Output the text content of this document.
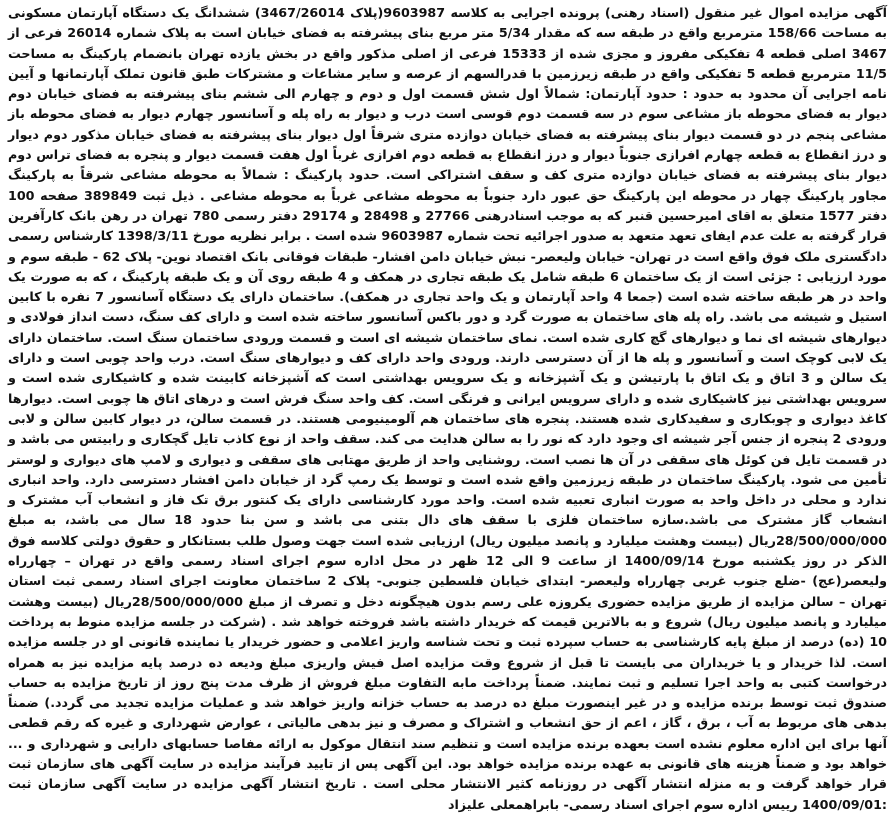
آگهی مزایده اموال غیر منقول (اسناد رهنی) پرونده اجرایی به کلاسه 9603987(پلاک 3467/26014) ششدانگ یک دستگاه آپارتمان مسکونی به مساحت 158/66 مترمربع واقع در طبقه سه که مقدار 5/34 متر مربع بنای پیشرفته به فضای خیابان است به پلاک شماره 26014 فرعی از 3467 اصلی قطعه 4 تفکیکی مفروز و مجزی شده از 15333 فرعی از اصلی مذکور واقع در بخش یازده تهران بانضمام پارکینگ به مساحت 11/5 مترمربع قطعه 5 تفکیکی واقع در طبقه زیرزمین با قدرالسهم از عرصه و سایر مشاعات و مشترکات طبق قانون تملک آپارتمانها و آیین نامه اجرایی آن محدود به حدود : حدود آپارتمان: شمالاً اول شش قسمت اول و دوم و چهارم الی ششم بنای پیشرفته به فضای خیابان دوم دیوار به فضای محوطه باز مشاعی سوم در سه قسمت دوم قوسی است درب و دیوار به راه پله و آسانسور چهارم دیوار به فضای محوطه باز مشاعی پنجم در دو قسمت دیوار بنای پیشرفته به فضای خیابان دوازده متری شرقاً اول دیوار بنای پیشرفته به فضای خیابان مذکور دوم دیوار و درز انقطاع به قطعه چهارم افرازی جنوباً دیوار و درز انقطاع به قطعه دوم افرازی غرباً اول هفت قسمت دیوار و پنجره به فضای تراس دوم دیوار بنای پیشرفته به فضای خیابان دوازده متری کف و سقف اشتراکی است. حدود پارکینگ : شمالاً به محوطه مشاعی شرقاً به پارکینگ مجاور پارکینگ چهار در محوطه این پارکینگ حق عبور دارد جنوباً به محوطه مشاعی غرباً به محوطه مشاعی . ذیل ثبت 389849 صفحه 100 دفتر 1577 متعلق به اقای امیرحسین قنبر که به موجب اسنادرهنی 27766 و 28498 و 29174 دفتر رسمی 780 تهران در رهن بانک کارآفرین قرار گرفته به علت عدم ایفای تعهد متعهد به صدور اجرائیه تحت شماره 9603987 شده است . برابر نظریه مورخ 1398/3/11 کارشناس رسمی دادگستری ملک فوق واقع است در تهران- خیابان ولیعصر- نبش خیابان دامن افشار- طبقات فوقانی بانک اقتصاد نوین- پلاک 62 - طبقه سوم و مورد ارزیابی : جزئی است از یک ساختمان 6 طبقه شامل یک طبقه تجاری در همکف و 4 طبقه روی آن و یک طبقه پارکینگ ، که به صورت یک واحد در هر طبقه ساخته شده است (جمعا 4 واحد آپارتمان و یک واحد تجاری در همکف). ساختمان دارای یک دستگاه آسانسور 7 نفره با کابین استیل و شیشه می باشد. راه پله های ساختمان به صورت گرد و دور باکس آسانسور ساخته شده است و دارای کف سنگ، دست انداز فولادی و دیوارهای شیشه ای نما و دیوارهای گچ کاری شده است. نمای ساختمان شیشه ای است و قسمت ورودی ساختمان سنگ است. ساختمان دارای یک لابی کوچک است و آسانسور و پله ها از آن دسترسی دارند. ورودی واحد دارای کف و دیوارهای سنگ است. درب واحد چوبی است و دارای یک سالن و 3 اتاق و یک اتاق با پارتیشن و یک آشپزخانه و یک سرویس بهداشتی است که آشپزخانه کابینت شده و کاشیکاری شده است و سرویس بهداشتی نیز کاشیکاری شده و دارای سرویس ایرانی و فرنگی است. کف واحد سنگ فرش است و درهای اتاق ها چوبی است. دیوارها کاغذ دیواری و چوبکاری و سفیدکاری شده هستند. پنجره های ساختمان هم آلومینیومی هستند. در قسمت سالن، در دیوار کابین سالن و لابی ورودی 2 پنجره از جنس آجر شیشه ای وجود دارد که نور را به سالن هدایت می کند. سقف واحد از نوع کاذب تایل گچکاری و رابیتس می باشد و در قسمت تایل فن کوئل های سقفی در آن ها نصب است. روشنایی واحد از طریق مهتابی های سقفی و دیواری و لامپ های دیواری و لوستر تأمین می شود. پارکینگ ساختمان در طبقه زیرزمین واقع شده است و توسط یک رمپ گرد از خیابان دامن افشار دسترسی دارد. واحد انباری ندارد و محلی در داخل واحد به صورت انباری تعبیه شده است. واحد مورد کارشناسی دارای یک کنتور برق تک فاز و انشعاب آب مشترک و انشعاب گاز مشترک می باشد.سازه ساختمان فلزی با سقف های دال بتنی می باشد و سن بنا حدود 18 سال می باشد، به مبلغ 28/500/000/000ریال (بیست وهشت میلیارد و پانصد میلیون ریال) ارزیابی شده است جهت وصول طلب بستانکار و حقوق دولتی کلاسه فوق الذکر در روز یکشنبه مورخ 1400/09/14 از ساعت 9 الی 12 ظهر در محل اداره سوم اجرای اسناد رسمی واقع در تهران – چهارراه ولیعصر(عج) -ضلع جنوب غربی چهارراه ولیعصر- ابتدای خیابان فلسطین جنوبی- پلاک 2 ساختمان معاونت اجرای اسناد رسمی ثبت استان تهران – سالن مزایده از طریق مزایده حضوری یکروزه علی رسم بدون هیچگونه دخل و تصرف از مبلغ 28/500/000/000ریال (بیست وهشت میلیارد و پانصد میلیون ریال) شروع و به بالاترین قیمت که خریدار داشته باشد فروخته خواهد شد . (شرکت در جلسه مزایده منوط به پرداخت 10 (ده) درصد از مبلغ پایه کارشناسی به حساب سپرده ثبت و تحت شناسه واریز اعلامی و حضور خریدار یا نماینده قانونی او در جلسه مزایده است. لذا خریدار و یا خریداران می بایست تا قبل از شروع وقت مزایده اصل فیش واریزی مبلغ ودیعه ده درصد پایه مزایده نیز به همراه درخواست کتبی به واحد اجرا تسلیم و ثبت نمایند. ضمناً پرداخت مابه التفاوت مبلغ فروش از ظرف مدت پنج روز از تاریخ مزایده به حساب صندوق ثبت توسط برنده مزایده و در غیر اینصورت مبلغ ده درصد به حساب خزانه واریز خواهد شد و عملیات مزایده تجدید می گردد.) ضمناً بدهی های مربوط به آب ، برق ، گاز ، اعم از حق انشعاب و اشتراک و مصرف و نیز بدهی مالیاتی ، عوارض شهرداری و غیره که رقم قطعی آنها برای این اداره معلوم نشده است بعهده برنده مزایده است و تنظیم سند انتقال موکول به ارائه مفاصا حسابهای دارایی و شهرداری و ... خواهد بود و ضمناً هزینه های قانونی به عهده برنده مزایده خواهد بود. این آگهی پس از تایید فرآیند مزایده در سایت آگهی های سازمان ثبت قرار خواهد گرفت و به منزله انتشار آگهی در روزنامه کثیر الانتشار محلی است . تاریخ انتشار آگهی مزایده در سایت آگهی سازمان ثبت :1400/09/01 رییس اداره سوم اجرای اسناد رسمی- بابراهمعلی علیزاد
